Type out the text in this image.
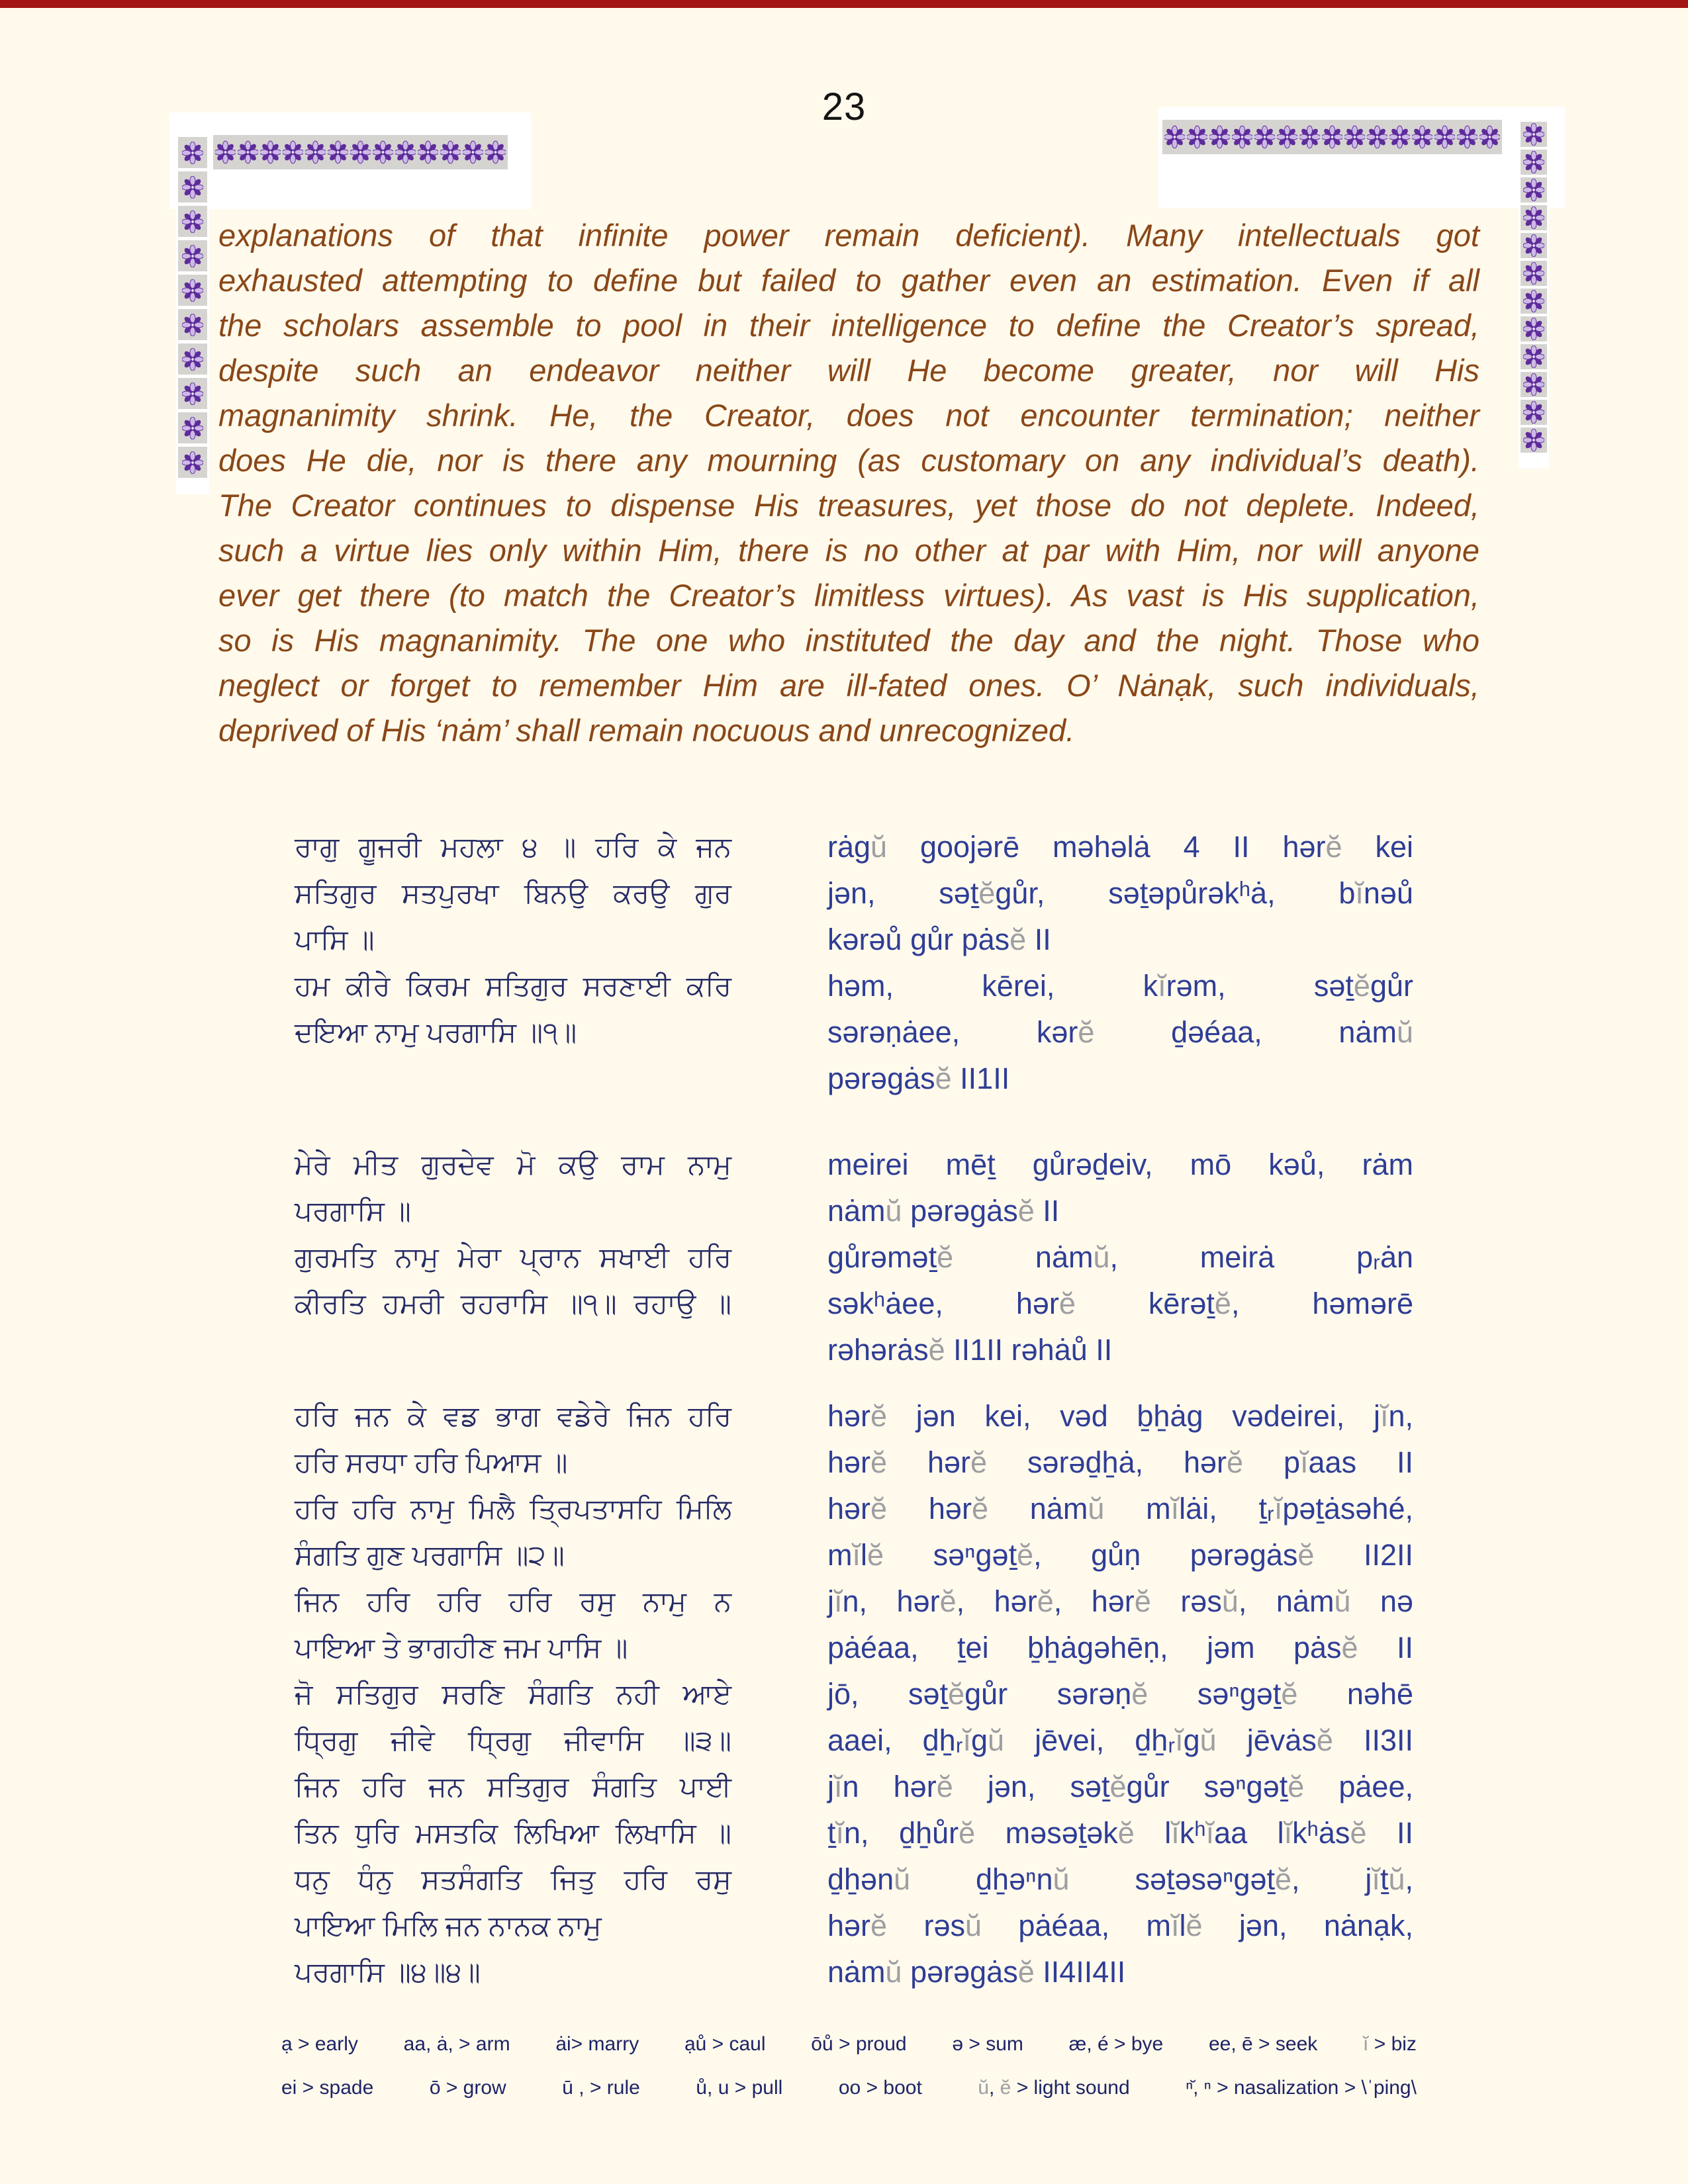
23
explanations of that infinite power remain deficient). Many intellectuals got
exhausted attempting to define but failed to gather even an estimation. Even if all
the scholars assemble to pool in their intelligence to define the Creator’s spread,
despite such an endeavor neither will He become greater, nor will His
magnanimity shrink. He, the Creator, does not encounter termination; neither
does He die, nor is there any mourning (as customary on any individual’s death).
The Creator continues to dispense His treasures, yet those do not deplete. Indeed,
such a virtue lies only within Him, there is no other at par with Him, nor will anyone
ever get there (to match the Creator’s limitless virtues). As vast is His supplication,
so is His magnanimity. The one who instituted the day and the night. Those who
neglect or forget to remember Him are ill-fated ones. O’ Nȧnạk, such individuals,
deprived of His ‘nȧm’ shall remain nocuous and unrecognized.
ਰਾਗੁ ਗੂਜਰੀ ਮਹਲਾ ੪ ॥ ਹਰਿ ਕੇ ਜਨ
ਸਤਿਗੁਰ ਸਤਪੁਰਖਾ ਬਿਨਉ ਕਰਉ ਗੁਰ
ਪਾਸਿ ॥
ਹਮ ਕੀਰੇ ਕਿਰਮ ਸਤਿਗੁਰ ਸਰਣਾਈ ਕਰਿ
ਦਇਆ ਨਾਮੁ ਪਰਗਾਸਿ ॥੧॥
rȧgŭ goojərē məhəlȧ 4 II hərĕ kei
jən, səṯĕgůr, səṯəpůrəkʰȧ, bĭnəů
kərəů gůr pȧsĕ II
həm, kērei, kĭrəm, səṯĕgůr
sərəṇȧee, kərĕ ḏəéaa, nȧmŭ
pərəgȧsĕ II1II
ਮੇਰੇ ਮੀਤ ਗੁਰਦੇਵ ਮੋ ਕਉ ਰਾਮ ਨਾਮੁ
ਪਰਗਾਸਿ ॥
ਗੁਰਮਤਿ ਨਾਮੁ ਮੇਰਾ ਪ੍ਰਾਨ ਸਖਾਈ ਹਰਿ
ਕੀਰਤਿ ਹਮਰੀ ਰਹਰਾਸਿ ॥੧॥ ਰਹਾਉ ॥
meirei mēṯ gůrəḏeiv, mō kəů, rȧm
nȧmŭ pərəgȧsĕ II
gůrəməṯĕ nȧmŭ, meirȧ pᵣȧn
səkʰȧee, hərĕ kērəṯĕ, həmərē
rəhərȧsĕ II1II rəhȧů II
ਹਰਿ ਜਨ ਕੇ ਵਡ ਭਾਗ ਵਡੇਰੇ ਜਿਨ ਹਰਿ
ਹਰਿ ਸਰਧਾ ਹਰਿ ਪਿਆਸ ॥
ਹਰਿ ਹਰਿ ਨਾਮੁ ਮਿਲੈ ਤ੍ਰਿਪਤਾਸਹਿ ਮਿਲਿ
ਸੰਗਤਿ ਗੁਣ ਪਰਗਾਸਿ ॥੨॥
ਜਿਨ ਹਰਿ ਹਰਿ ਹਰਿ ਰਸੁ ਨਾਮੁ ਨ
ਪਾਇਆ ਤੇ ਭਾਗਹੀਣ ਜਮ ਪਾਸਿ ॥
ਜੋ ਸਤਿਗੁਰ ਸਰਣਿ ਸੰਗਤਿ ਨਹੀ ਆਏ
ਧ੍ਰਿਗੁ ਜੀਵੇ ਧ੍ਰਿਗੁ ਜੀਵਾਸਿ ॥੩॥
ਜਿਨ ਹਰਿ ਜਨ ਸਤਿਗੁਰ ਸੰਗਤਿ ਪਾਈ
ਤਿਨ ਧੁਰਿ ਮਸਤਕਿ ਲਿਖਿਆ ਲਿਖਾਸਿ ॥
ਧਨੁ ਧੰਨੁ ਸਤਸੰਗਤਿ ਜਿਤੁ ਹਰਿ ਰਸੁ
ਪਾਇਆ ਮਿਲਿ ਜਨ ਨਾਨਕ ਨਾਮੁ
ਪਰਗਾਸਿ ॥੪॥੪॥
hərĕ jən kei, vəd ḇẖȧg vədeirei, jĭn,
hərĕ hərĕ sərəḏẖȧ, hərĕ pĭaas II
hərĕ hərĕ nȧmŭ mĭlȧi, ṯᵣĭpəṯȧsəhé,
mĭlĕ səⁿgəṯĕ, gůṇ pərəgȧsĕ II2II
jĭn, hərĕ, hərĕ, hərĕ rəsŭ, nȧmŭ nə
pȧéaa, ṯei ḇẖȧgəhēṇ, jəm pȧsĕ II
jō, səṯĕgůr sərəṇĕ səⁿgəṯĕ nəhē
aaei, ḏẖᵣĭgŭ jēvei, ḏẖᵣĭgŭ jēvȧsĕ II3II
jĭn hərĕ jən, səṯĕgůr səⁿgəṯĕ pȧee,
ṯĭn, ḏẖůrĕ məsəṯəkĕ lĭkʰĭaa lĭkʰȧsĕ II
ḏẖənŭ ḏẖəⁿnŭ səṯəsəⁿgəṯĕ, jĭṯŭ,
hərĕ rəsŭ pȧéaa, mĭlĕ jən, nȧnạk,
nȧmŭ pərəgȧsĕ II4II4II
ạ > early aa, ȧ, > arm ȧi> marry ạů > caul ōů > proud ə > sum æ, é > bye ee, ē > seek ĭ > biz
ei > spade	ō > grow	ū , > rule	ů, u > pull	oo > boot	ŭ, ĕ > light sound	ⁿ̆, ⁿ > nasalization > \ˈping\
